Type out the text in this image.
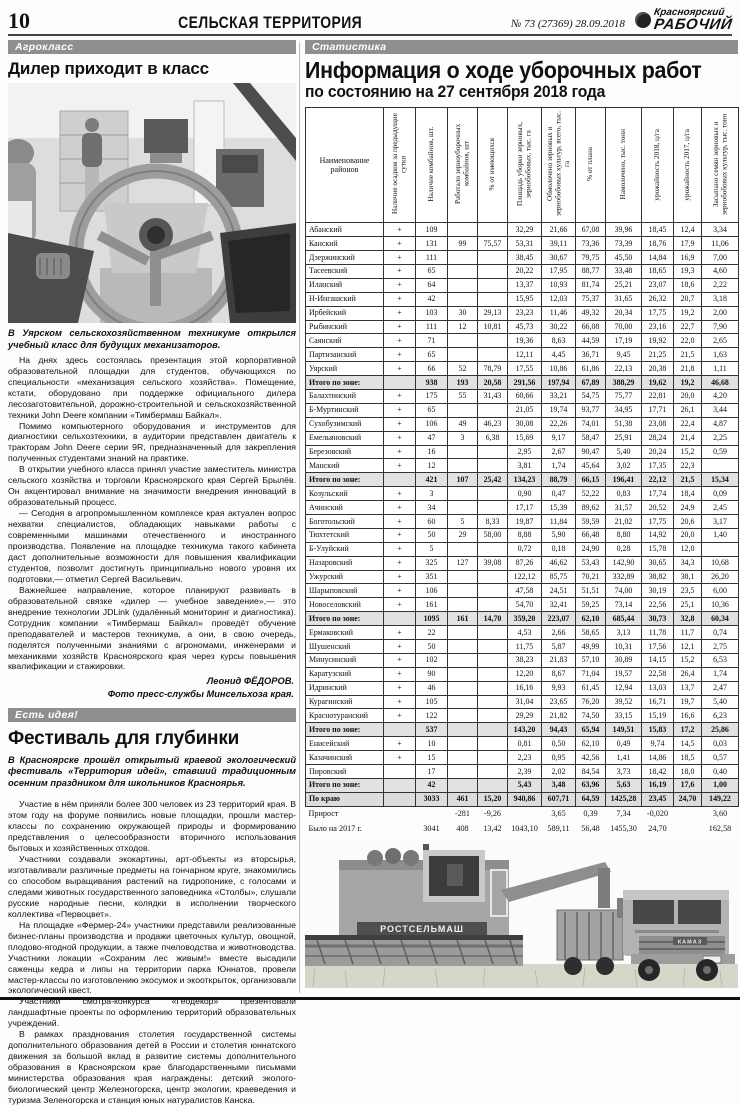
10	СЕЛЬСКАЯ ТЕРРИТОРИЯ	№ 73 (27369) 28.09.2018
Красноярский
РАБОЧИЙ
Агрокласс
Дилер приходит в класс
В Уярском сельскохозяйственном техникуме открылся учебный класс для будущих механизаторов.

На днях здесь состоялась презентация этой корпоративной образовательной площадки для студентов, обучающихся по специальности «механизация сельского хозяйства». Помещение, кстати, оборудовано при поддержке официального дилера лесозаготовительной, дорожно-строительной и сельскохозяйственной техники John Deere компании «Тимбермаш Байкал».

Помимо компьютерного оборудования и инструментов для диагностики сельхозтехники, в аудитории представлен двигатель к тракторам John Deere серии 9R, предназначенный для закрепления полученных студентами знаний на практике.

В открытии учебного класса принял участие заместитель министра сельского хозяйства и торговли Красноярского края Сергей Брылёв. Он акцентировал внимание на значимости внедрения инноваций в образовательный процесс.

— Сегодня в агропромышленном комплексе края актуален вопрос нехватки специалистов, обладающих навыками работы с современными машинами отечественного и иностранного производства. Появление на площадке техникума такого кабинета даст дополнительные возможности для повышения квалификации студентов, позволит достигнуть принципиально нового уровня их подготовки,— отметил Сергей Васильевич.

Важнейшее направление, которое планируют развивать в образовательной связке «дилер — учебное заведение»,— это внедрение технологии JDLink (удалённый мониторинг и диагностика). Сотрудник компании «Тимбермаш Байкал» проведёт обучение преподавателей и мастеров техникума, а они, в свою очередь, поделятся полученными знаниями с агрономами, инженерами и механиками хозяйств Красноярского края через курсы повышения квалификации и стажировки.

Леонид ФЁДОРОВ.
Фото пресс-службы Минсельхоза края.
Есть идея!
Фестиваль для глубинки
В Красноярске прошёл открытый краевой экологический фестиваль «Территория идей», ставший традиционным осенним праздником для школьников Красноярья.

Участие в нём приняли более 300 человек из 23 территорий края. В этом году на форуме появились новые площадки, прошли мастер-классы по сохранению окружающей природы и формированию представления о целесообразности вторичного использования бытовых и хозяйственных отходов.

Участники создавали экокартины, арт-объекты из вторсырья, изготавливали различные предметы на гончарном круге, знакомились со способом выращивания растений на гидропонике, с голосами и следами животных государственного заповедника «Столбы», слушали русские народные песни, колядки в исполнении творческого коллектива «Первоцвет».

На площадке «Фермер-24» участники представили реализованные бизнес-планы производства и продажи цветочных культур, овощной, плодово-ягодной продукции, а также пчеловодства и животноводства. Участники локации «Сохраним лес живым!» вместе высадили саженцы кедра и липы на территории парка Юннатов, провели мастер-классы по изготовлению экосумок и экооткрыток, организовали экологический квест.

Участники смотра-конкурса «Геодекор» презентовали ландшафтные проекты по оформлению территорий образовательных учреждений.

В рамках празднования столетия государственной системы дополнительного образования детей в России и столетия юннатского движения за большой вклад в развитие системы дополнительного образования в Красноярском крае благодарственными письмами министерства образования края награждены: детский эколого-биологический центр Железногорска, центр экологии, краеведения и туризма Зеленогорска и станция юных натуралистов Канска.

Статистика
Информация о ходе уборочных работ
по состоянию на 27 сентября 2018 года
Наименование районов	Наличие осадков за предыдущие сутки	Наличие комбайнов, шт.	Работало зерноуборочных комбайнов, шт	% от имеющихся	Площадь уборки зерновых, зернобобовых, тыс. га	Обмолочено зерновых и зернобобовых культур, всего, тыс. га	% от плана	Намолочено, тыс. тонн	урожайность 2018, ц/га	урожайность 2017, ц/га	Засыпано семян зерновых и зернобобовых культур, тыс. тонн
Абанский	+	109			32,29	21,66	67,08	39,96	18,45	12,4	3,34
Канский	+	131	99	75,57	53,31	39,11	73,36	73,39	18,76	17,9	11,06
Дзержинский	+	111			38,45	30,67	79,75	45,50	14,84	16,9	7,00
Тасеевский	+	65			20,22	17,95	88,77	33,48	18,65	19,3	4,60
Иланский	+	64			13,37	10,93	81,74	25,21	23,07	18,6	2,22
Н-Ингашский	+	42			15,95	12,03	75,37	31,65	26,32	20,7	3,18
Ирбейский	+	103	30	29,13	23,23	11,46	49,32	20,34	17,75	19,2	2,00
Рыбинский	+	111	12	10,81	45,73	30,22	66,08	70,00	23,16	22,7	7,90
Саянский	+	71			19,36	8,63	44,59	17,19	19,92	22,0	2,65
Партизанский	+	65			12,11	4,45	36,71	9,45	21,25	21,5	1,63
Уярский	+	66	52	78,79	17,55	10,86	61,86	22,13	20,38	21,8	1,11
Итого по зоне:		938	193	20,58	291,56	197,94	67,89	388,29	19,62	19,2	46,68
Балахтинский	+	175	55	31,43	60,66	33,21	54,75	75,77	22,81	20,0	4,20
Б-Муртинский	+	65			21,05	19,74	93,77	34,95	17,71	26,1	3,44
Сухобузимский	+	106	49	46,23	30,08	22,26	74,01	51,38	23,08	22,4	4,87
Емельяновский	+	47	3	6,38	15,69	9,17	58,47	25,91	28,24	21,4	2,25
Березовский	+	16			2,95	2,67	90,47	5,40	20,24	15,2	0,59
Манский	+	12			3,81	1,74	45,64	3,02	17,35	22,3	
Итого по зоне:		421	107	25,42	134,23	88,79	66,15	196,41	22,12	21,5	15,34
Козульский	+	3			0,90	0,47	52,22	0,83	17,74	18,4	0,09
Ачинский	+	34			17,17	15,39	89,62	31,57	20,52	24,9	2,45
Боготольский	+	60	5	8,33	19,87	11,84	59,59	21,02	17,75	20,6	3,17
Тюхтетский	+	50	29	58,00	8,88	5,90	66,48	8,80	14,92	20,0	1,40
Б-Улуйский	+	5			0,72	0,18	24,90	0,28	15,78	12,0	
Назаровский	+	325	127	39,08	87,26	46,62	53,43	142,90	30,65	34,3	10,68
Ужурский	+	351			122,12	85,75	70,21	332,89	38,82	38,1	26,20
Шарыповский	+	106			47,58	24,51	51,51	74,00	30,19	23,5	6,00
Новоселовский	+	161			54,70	32,41	59,25	73,14	22,56	25,1	10,36
Итого по зоне:		1095	161	14,70	359,20	223,07	62,10	685,44	30,73	32,8	60,34
Ермаковский	+	22			4,53	2,66	58,65	3,13	11,78	11,7	0,74
Шушенский	+	50			11,75	5,87	49,99	10,31	17,56	12,1	2,75
Минусинский	+	102			38,23	21,83	57,10	30,89	14,15	15,2	6,53
Каратузский	+	90			12,20	8,67	71,04	19,57	22,58	26,4	1,74
Идринский	+	46			16,16	9,93	61,45	12,94	13,03	13,7	2,47
Курагинский	+	105			31,04	23,65	76,20	39,52	16,71	19,7	5,40
Краснотуранский	+	122			29,29	21,82	74,50	33,15	15,19	16,6	6,23
Итого по зоне:		537			143,20	94,43	65,94	149,51	15,83	17,2	25,86
Енисейский	+	10			0,81	0,50	62,10	0,49	9,74	14,5	0,03
Казачинский	+	15			2,23	0,95	42,56	1,41	14,86	18,5	0,57
Пировский		17			2,39	2,02	84,54	3,73	18,42	18,0	0,40
Итого по зоне:		42			5,43	3,48	63,96	5,63	16,19	17,6	1,00
По краю		3033	461	15,20	940,86	607,71	64,59	1425,28	23,45	24,70	149,22
Прирост			-281	-9,26		3,65	0,39	7,34	-0,020		3,60
Было на 2017 г.		3041	408	13,42	1043,10	589,11	56,48	1455,30	24,70		162,58
РОСТСЕЛЬМАШ
КАМАЗ
